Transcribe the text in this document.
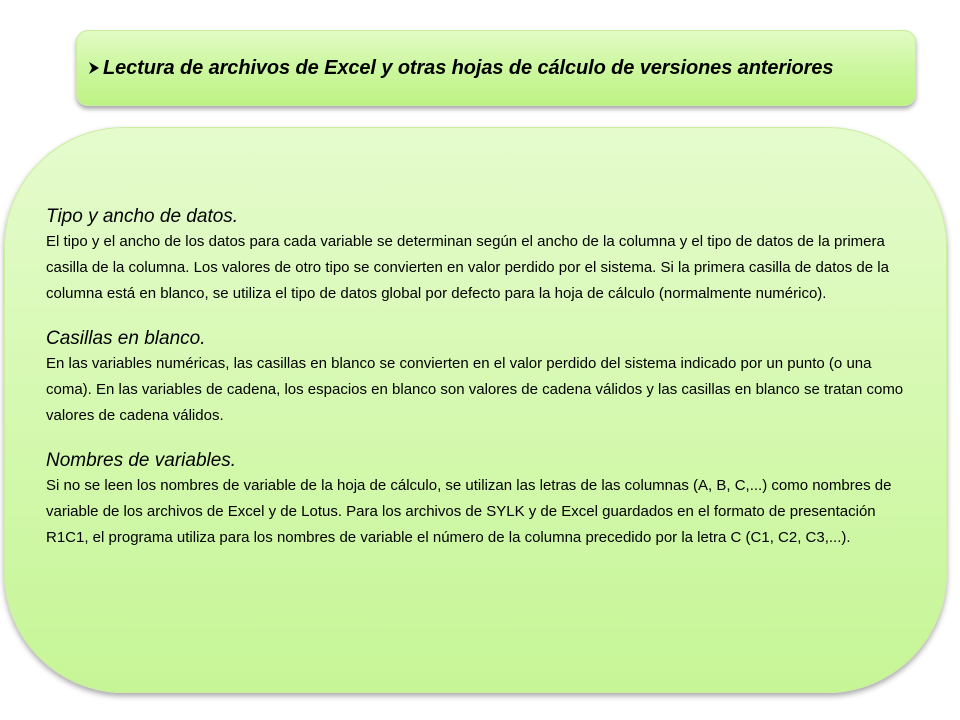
Lectura de archivos de Excel y otras hojas de cálculo de versiones anteriores

Tipo y ancho de datos.

El tipo y el ancho de los datos para cada variable se determinan según el ancho de la columna y el tipo de datos de la primera casilla de la columna. Los valores de otro tipo se convierten en valor perdido por el sistema. Si la primera casilla de datos de la columna está en blanco, se utiliza el tipo de datos global por defecto para la hoja de cálculo (normalmente numérico).

Casillas en blanco.

En las variables numéricas, las casillas en blanco se convierten en el valor perdido del sistema indicado por un punto (o una coma). En las variables de cadena, los espacios en blanco son valores de cadena válidos y las casillas en blanco se tratan como valores de cadena válidos.

Nombres de variables.

Si no se leen los nombres de variable de la hoja de cálculo, se utilizan las letras de las columnas (A, B, C,...) como nombres de variable de los archivos de Excel y de Lotus. Para los archivos de SYLK y de Excel guardados en el formato de presentación R1C1, el programa utiliza para los nombres de variable el número de la columna precedido por la letra C (C1, C2, C3,...).
